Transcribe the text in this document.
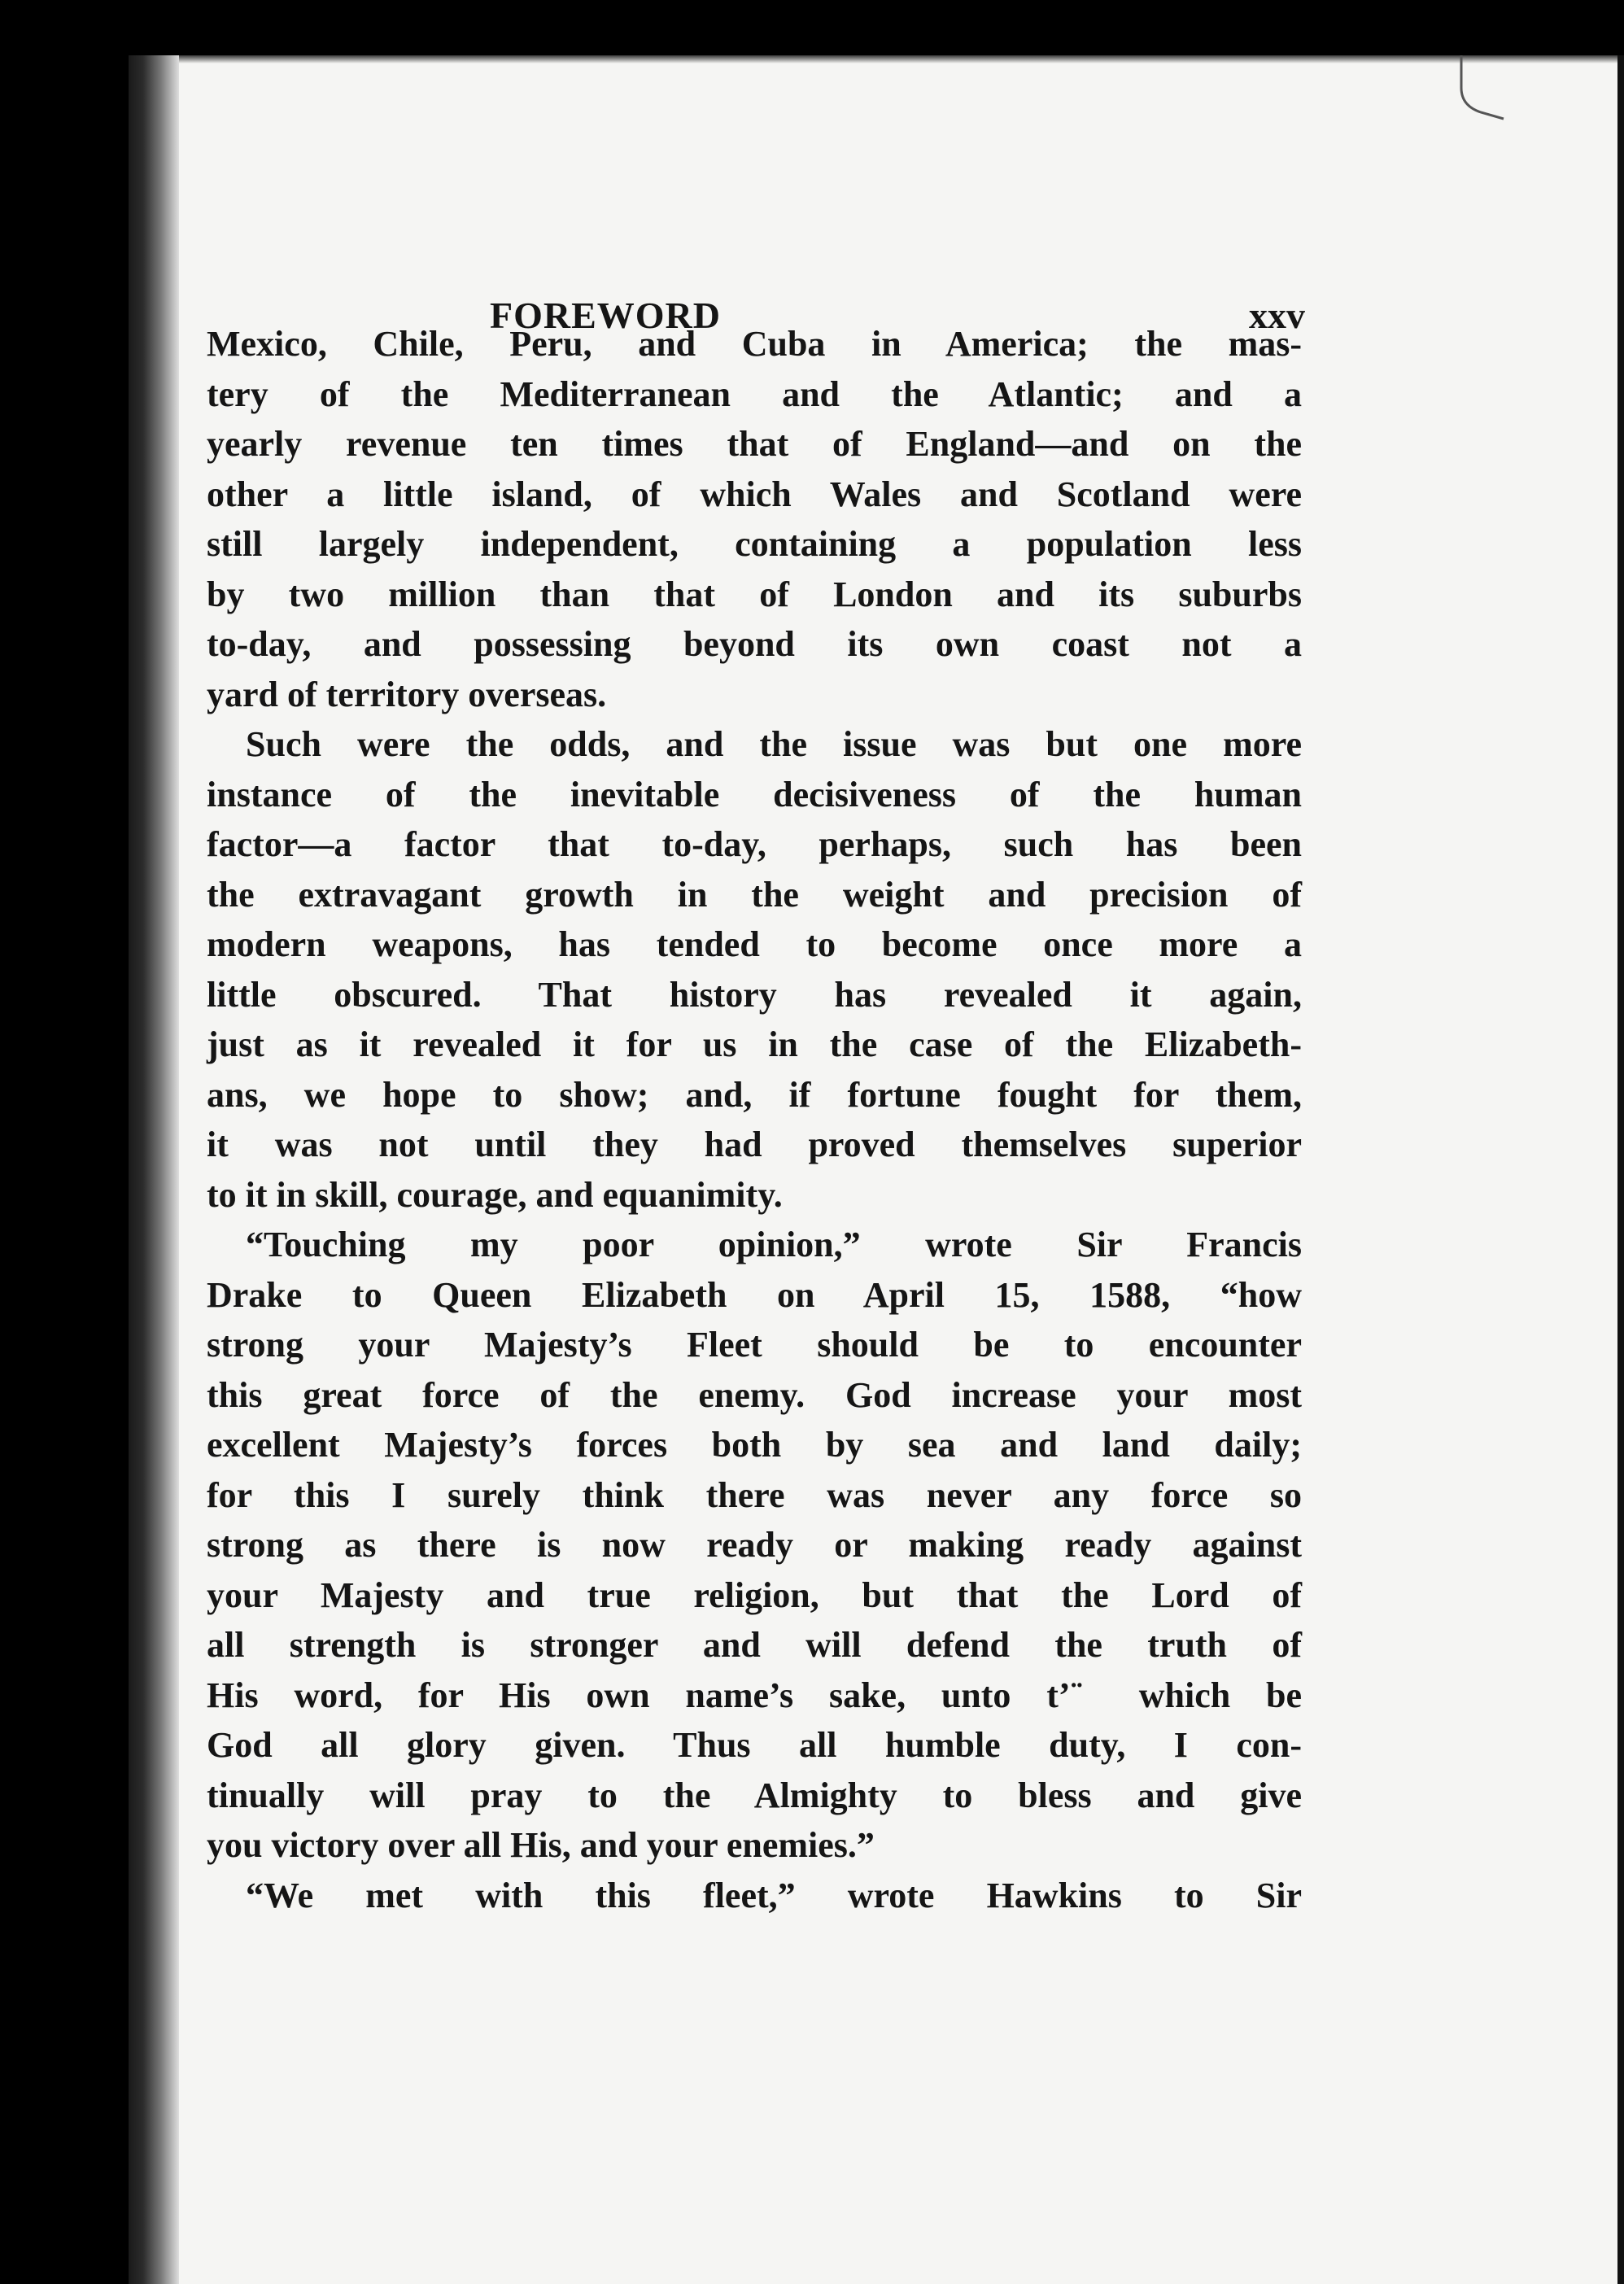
FOREWORD	xxv
Mexico, Chile, Peru, and Cuba in America; the mas-
tery of the Mediterranean and the Atlantic; and a
yearly revenue ten times that of England—and on the
other a little island, of which Wales and Scotland were
still largely independent, containing a population less
by two million than that of London and its suburbs
to-day, and possessing beyond its own coast not a
yard of territory overseas.
Such were the odds, and the issue was but one more
instance of the inevitable decisiveness of the human
factor—a factor that to-day, perhaps, such has been
the extravagant growth in the weight and precision of
modern weapons, has tended to become once more a
little obscured. That history has revealed it again,
just as it revealed it for us in the case of the Elizabeth-
ans, we hope to show; and, if fortune fought for them,
it was not until they had proved themselves superior
to it in skill, courage, and equanimity.
“Touching my poor opinion,” wrote Sir Francis
Drake to Queen Elizabeth on April 15, 1588, “how
strong your Majesty’s Fleet should be to encounter
this great force of the enemy. God increase your most
excellent Majesty’s forces both by sea and land daily;
for this I surely think there was never any force so
strong as there is now ready or making ready against
your Majesty and true religion, but that the Lord of
all strength is stronger and will defend the truth of
His word, for His own name’s sake, unto t’ ̈ which be
God all glory given. Thus all humble duty, I con-
tinually will pray to the Almighty to bless and give
you victory over all His, and your enemies.”
“We met with this fleet,” wrote Hawkins to Sir
